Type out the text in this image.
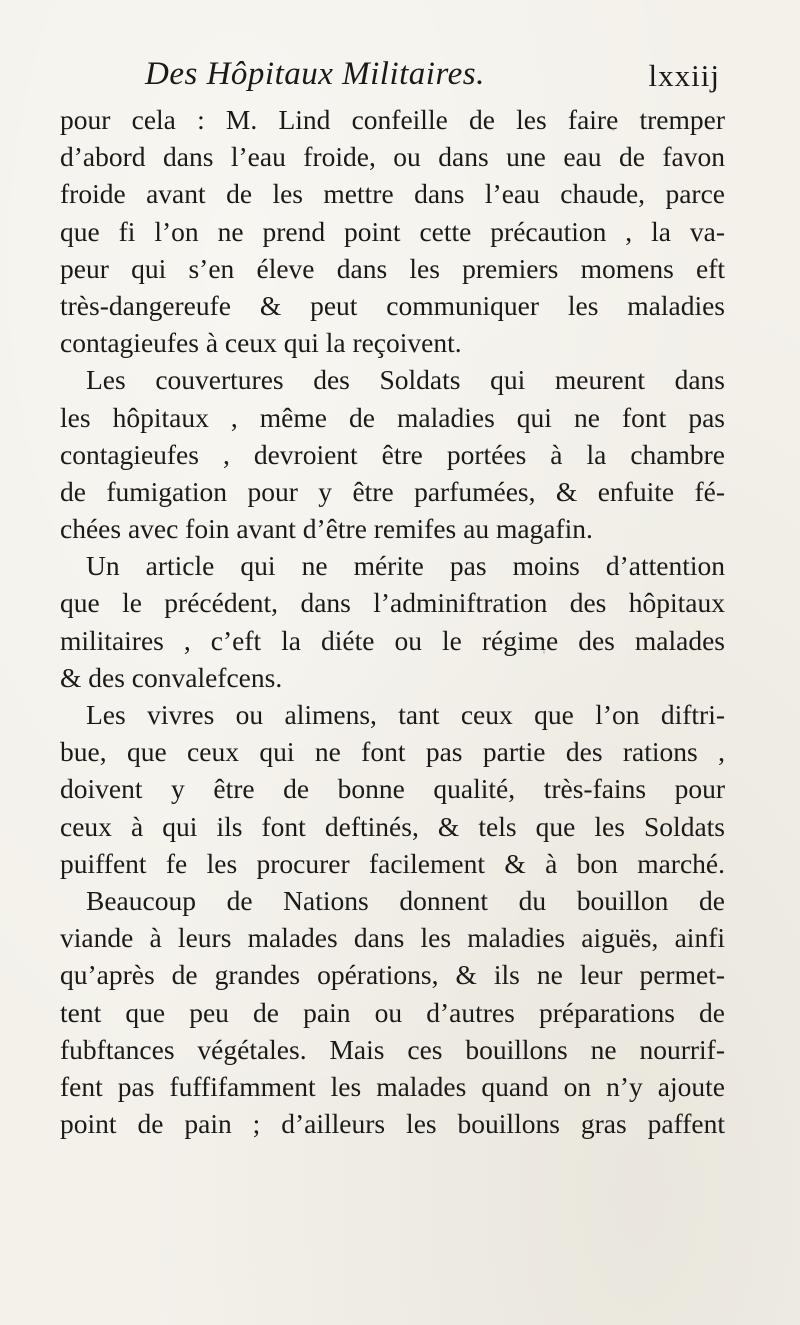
Des Hôpitaux Militaires.	lxxiij
pour cela : M. Lind confeille de les faire tremper
d’abord dans l’eau froide, ou dans une eau de favon
froide avant de les mettre dans l’eau chaude, parce
que fi l’on ne prend point cette précaution , la va-
peur qui s’en éleve dans les premiers momens eft
très-dangereufe & peut communiquer les maladies
contagieufes à ceux qui la reçoivent.
Les couvertures des Soldats qui meurent dans
les hôpitaux , même de maladies qui ne font pas
contagieufes , devroient être portées à la chambre
de fumigation pour y être parfumées, & enfuite fé-
chées avec foin avant d’être remifes au magafin.
Un article qui ne mérite pas moins d’attention
que le précédent, dans l’adminiftration des hôpitaux
militaires , c’eft la diéte ou le régime des malades
& des convalefcens.
Les vivres ou alimens, tant ceux que l’on diftri-
bue, que ceux qui ne font pas partie des rations ,
doivent y être de bonne qualité, très-fains pour
ceux à qui ils font deftinés, & tels que les Soldats
puiffent fe les procurer facilement & à bon marché.
Beaucoup de Nations donnent du bouillon de
viande à leurs malades dans les maladies aiguës, ainfi
qu’après de grandes opérations, & ils ne leur permet-
tent que peu de pain ou d’autres préparations de
fubftances végétales. Mais ces bouillons ne nourrif-
fent pas fuffifamment les malades quand on n’y ajoute
point de pain ; d’ailleurs les bouillons gras paffent
